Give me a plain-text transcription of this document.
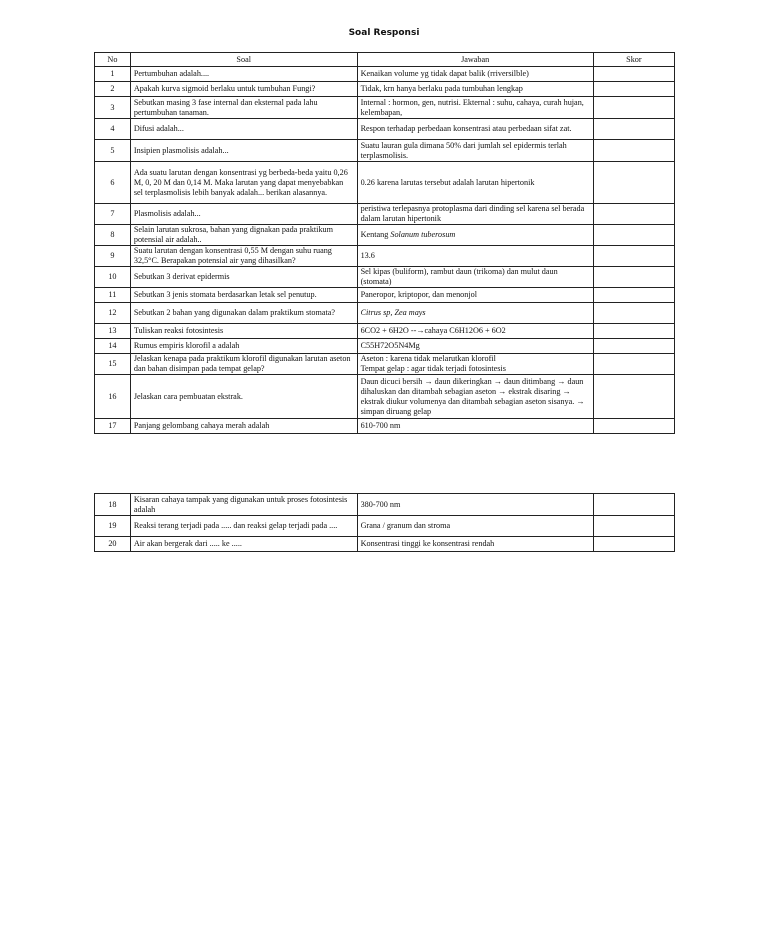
Soal Responsi
No	Soal	Jawaban	Skor
1	Pertumbuhan adalah....	Kenaikan volume yg tidak dapat balik (rriversilble)	
2	Apakah kurva sigmoid berlaku untuk tumbuhan Fungi?	Tidak, krn hanya berlaku pada tumbuhan lengkap	
3	Sebutkan masing 3 fase internal dan eksternal pada lahu pertumbuhan tanaman.	Internal : hormon, gen, nutrisi. Ekternal : suhu, cahaya, curah hujan, kelembapan,	
4	Difusi adalah...	Respon terhadap perbedaan konsentrasi atau perbedaan sifat zat.	
5	Insipien plasmolisis adalah...	Suatu lauran gula dimana 50% dari jumlah sel epidermis terlah terplasmolisis.	
6	Ada suatu larutan dengan konsentrasi yg berbeda-beda yaitu 0,26 M, 0, 20 M dan 0,14 M. Maka larutan yang dapat menyebabkan sel terplasmolisis lebih banyak adalah... berikan alasannya.	0.26 karena larutas tersebut adalah larutan hipertonik	
7	Plasmolisis adalah...	peristiwa terlepasnya protoplasma dari dinding sel karena sel berada dalam larutan hipertonik	
8	Selain larutan sukrosa, bahan yang dignakan pada praktikum potensial air adalah..	Kentang Solanum tuberosum	
9	Suatu larutan dengan konsentrasi 0,55 M dengan suhu ruang 32,5°C. Berapakan potensial air yang dihasilkan?	13.6	
10	Sebutkan 3 derivat epidermis	Sel kipas (buliform), rambut daun (trikoma) dan mulut daun (stomata)	
11	Sebutkan 3 jenis stomata berdasarkan letak sel penutup.	Paneropor, kriptopor, dan menonjol	
12	Sebutkan 2 bahan yang digunakan dalam praktikum stomata?	Citrus sp, Zea mays	
13	Tuliskan reaksi fotosintesis	6CO2 + 6H2O --→cahaya C6H12O6 + 6O2	
14	Rumus empiris klorofil a adalah	C55H72O5N4Mg	
15	Jelaskan kenapa pada praktikum klorofil digunakan larutan aseton dan bahan disimpan pada tempat gelap?	Aseton : karena tidak melarutkan klorofil
Tempat gelap : agar tidak terjadi fotosintesis	

16	Jelaskan cara pembuatan ekstrak.	Daun dicuci bersih → daun dikeringkan → daun ditimbang → daun dihaluskan dan ditambah sebagian aseton → ekstrak disaring → ekstrak diukur volumenya dan ditambah sebagian aseton sisanya. → simpan diruang gelap	
17	Panjang gelombang cahaya merah adalah	610-700 nm	
18	Kisaran cahaya tampak yang digunakan untuk proses fotosintesis adalah	380-700 nm	
19	Reaksi terang terjadi pada ..... dan reaksi gelap terjadi pada ....	Grana / granum dan stroma	
20	Air akan bergerak dari ..... ke .....	Konsentrasi tinggi ke konsentrasi rendah	
